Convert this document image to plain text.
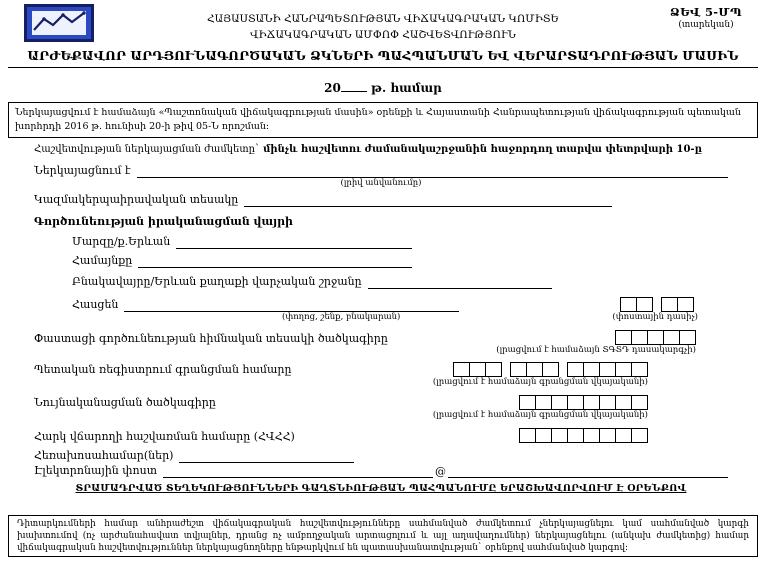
ՀԱՅԱՍՏԱՆԻ ՀԱՆՐԱՊԵՏՈՒԹՅԱՆ ՎԻՃԱԿԱԳՐԱԿԱՆ ԿՈՄԻՏԵ
ՎԻՃԱԿԱԳՐԱԿԱՆ ԱՄՓՈՓ ՀԱՇՎԵՏՎՈՒԹՅՈՒՆ
ՁԵՎ 5-ՄՊ
(տարեկան)
ԱՐԺԵՔԱՎՈՐ ԱՐԴՅՈՒՆԱԳՈՐԾԱԿԱՆ ՁԿՆԵՐԻ ՊԱՀՊԱՆՄԱՆ ԵՎ ՎԵՐԱՐՏԱԴՐՈՒԹՅԱՆ ՄԱՍԻՆ
20	թ. համար
Ներկայացվում է համաձայն «Պաշտոնական վիճակագրության մասին» օրենքի և Հայաստանի Հանրապետության վիճակագրության պետական խորհրդի 2016 թ. հունիսի 20-ի թիվ 05-Ն որոշման:
Հաշվետվության ներկայացման ժամկետը` մինչև հաշվետու ժամանակաշրջանին հաջորդող տարվա փետրվարի 10-ը
Ներկայացնում է
(լրիվ անվանումը)
Կազմակերպաիրավական տեսակը
Գործունեության իրականացման վայրի
Մարզը/ք.Երևան
Համայնքը
Բնակավայրը/Երևան քաղաքի վարչական շրջանը
Հասցեն
(փողոց, շենք, բնակարան)	(փոստային դասիչ)
Փաստացի գործունեության հիմնական տեսակի ծածկագիրը
(լրացվում է համաձայն ՏԳՏԴ դասակարգչի)
Պետական ռեգիստրում գրանցման համարը
(լրացվում է համաձայն գրանցման վկայականի)
Նույնականացման ծածկագիրը
(լրացվում է համաձայն գրանցման վկայականի)
Հարկ վճարողի հաշվառման համարը (ՀՎՀՀ)
Հեռախոսահամար(ներ)
Էլեկտրոնային փոստ	@
ՏՐԱՄԱԴՐՎԱԾ ՏԵՂԵԿՈՒԹՅՈՒՆՆԵՐԻ ԳԱՂՏՆԻՈՒԹՅԱՆ ՊԱՀՊԱՆՈՒՄԸ ԵՐԱՇԽԱՎՈՐՎՈՒՄ Է ՕՐԵՆՔՈՎ
Դիտարկումների համար անհրաժեշտ վիճակագրական հաշվետվությունները սահմանված ժամկետում չներկայացնելու կամ սահմանված կարգի խախտումով (ոչ արժանահավատ տվյալներ, դրանց ոչ ամբողջական արտացոլում և այլ աղավաղումներ) ներկայացնելու (անկախ ժամկետից) համար վիճակագրական հաշվետվություններ ներկայացնողները ենթարկվում են պատասխանատվության` օրենքով սահմանված կարգով:
